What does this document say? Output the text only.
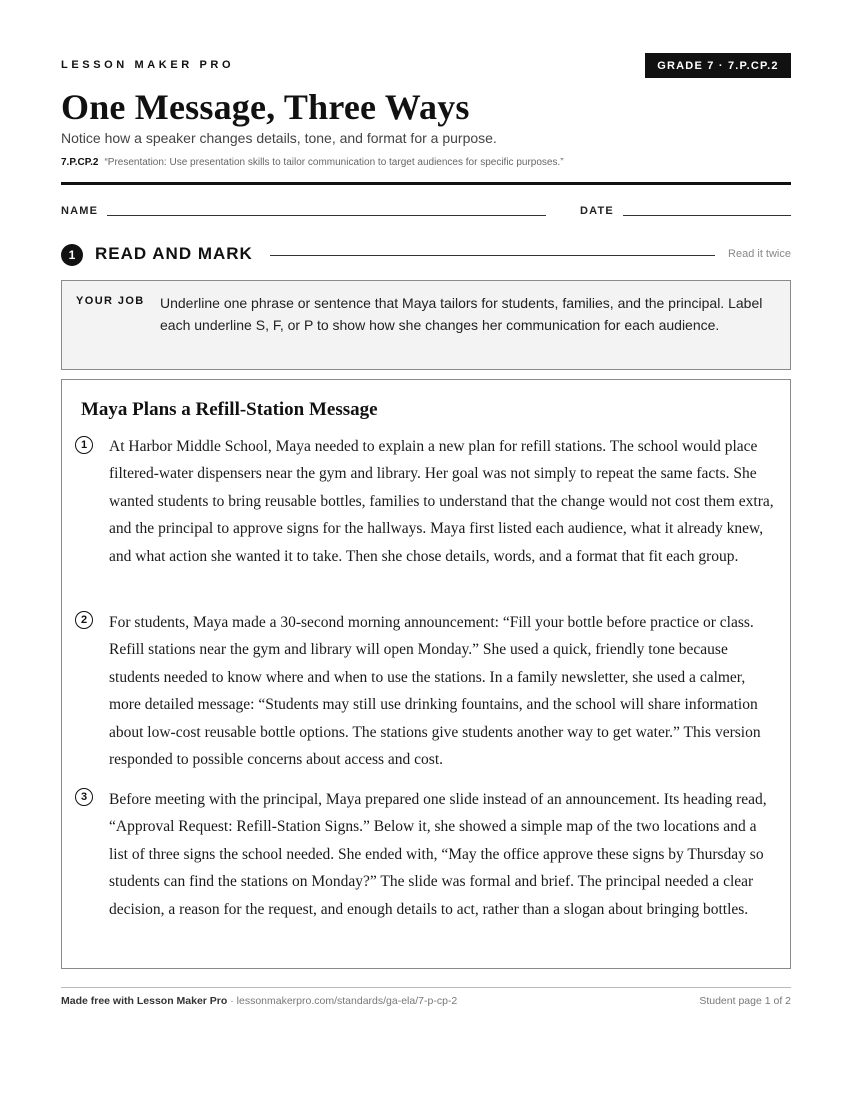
LESSON MAKER PRO	GRADE 7 · 7.P.CP.2
One Message, Three Ways
Notice how a speaker changes details, tone, and format for a purpose.
7.P.CP.2 “Presentation: Use presentation skills to tailor communication to target audiences for specific purposes.”
NAME	DATE
1	READ AND MARK	Read it twice
YOUR JOB Underline one phrase or sentence that Maya tailors for students, families, and the principal. Label each underline S, F, or P to show how she changes her communication for each audience.
Maya Plans a Refill-Station Message
1	At Harbor Middle School, Maya needed to explain a new plan for refill stations. The school would place filtered-water dispensers near the gym and library. Her goal was not simply to repeat the same facts. She wanted students to bring reusable bottles, families to understand that the change would not cost them extra, and the principal to approve signs for the hallways. Maya first listed each audience, what it already knew, and what action she wanted it to take. Then she chose details, words, and a format that fit each group.
2	For students, Maya made a 30-second morning announcement: “Fill your bottle before practice or class. Refill stations near the gym and library will open Monday.” She used a quick, friendly tone because students needed to know where and when to use the stations. In a family newsletter, she used a calmer, more detailed message: “Students may still use drinking fountains, and the school will share information about low-cost reusable bottle options. The stations give students another way to get water.” This version responded to possible concerns about access and cost.
3	Before meeting with the principal, Maya prepared one slide instead of an announcement. Its heading read, “Approval Request: Refill-Station Signs.” Below it, she showed a simple map of the two locations and a list of three signs the school needed. She ended with, “May the office approve these signs by Thursday so students can find the stations on Monday?” The slide was formal and brief. The principal needed a clear decision, a reason for the request, and enough details to act, rather than a slogan about bringing bottles.
Made free with Lesson Maker Pro · lessonmakerpro.com/standards/ga-ela/7-p-cp-2	Student page 1 of 2
